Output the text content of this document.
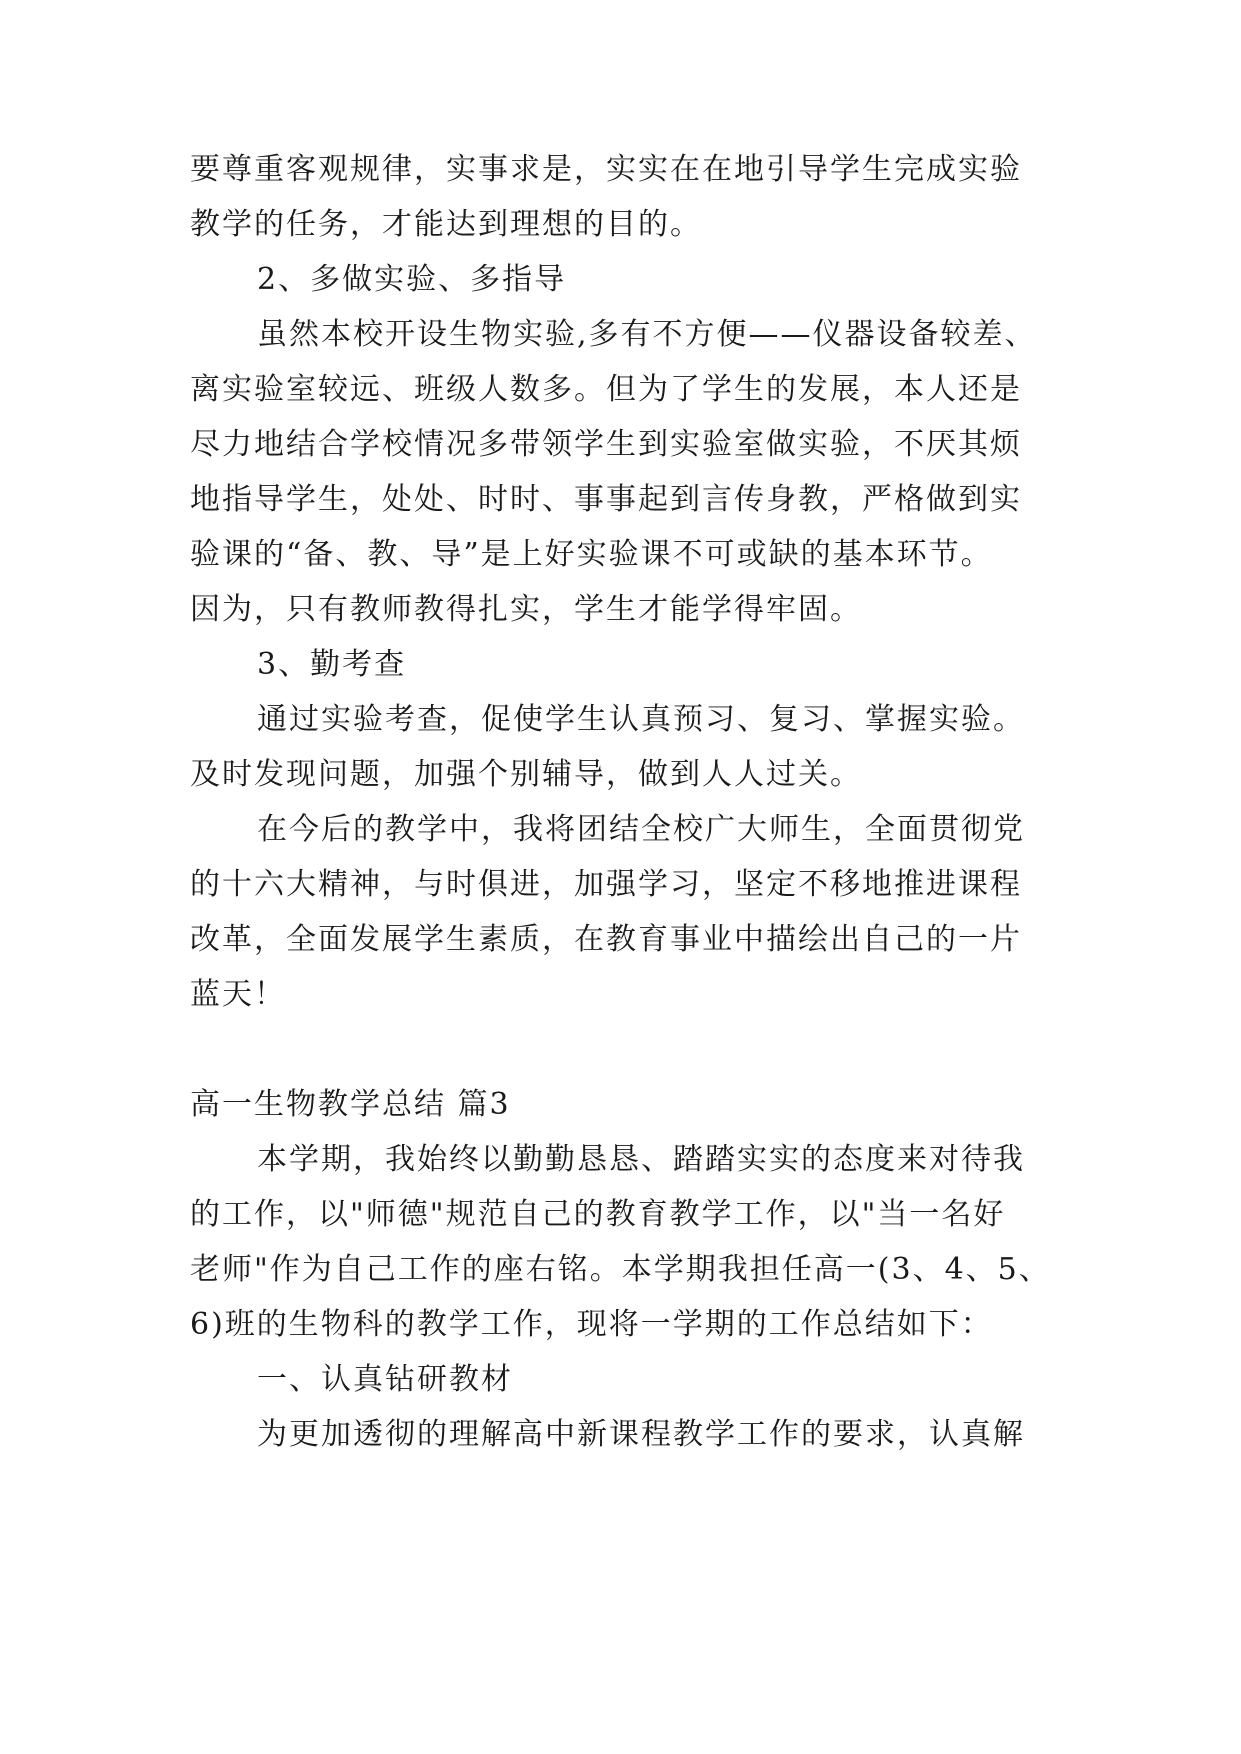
要尊重客观规律，实事求是，实实在在地引导学生完成实验
教学的任务，才能达到理想的目的。
2、多做实验、多指导
虽然本校开设生物实验,多有不方便——仪器设备较差、
离实验室较远、班级人数多。但为了学生的发展，本人还是
尽力地结合学校情况多带领学生到实验室做实验，不厌其烦
地指导学生，处处、时时、事事起到言传身教，严格做到实
验课的“备、教、导”是上好实验课不可或缺的基本环节。
因为，只有教师教得扎实，学生才能学得牢固。
3、勤考查
通过实验考查，促使学生认真预习、复习、掌握实验。
及时发现问题，加强个别辅导，做到人人过关。
在今后的教学中，我将团结全校广大师生，全面贯彻党
的十六大精神，与时俱进，加强学习，坚定不移地推进课程
改革，全面发展学生素质，在教育事业中描绘出自己的一片
蓝天！
高一生物教学总结 篇3
本学期，我始终以勤勤恳恳、踏踏实实的态度来对待我
的工作，以"师德"规范自己的教育教学工作，以"当一名好
老师"作为自己工作的座右铭。本学期我担任高一(3、4、5、
6)班的生物科的教学工作，现将一学期的工作总结如下：
一、认真钻研教材
为更加透彻的理解高中新课程教学工作的要求，认真解
